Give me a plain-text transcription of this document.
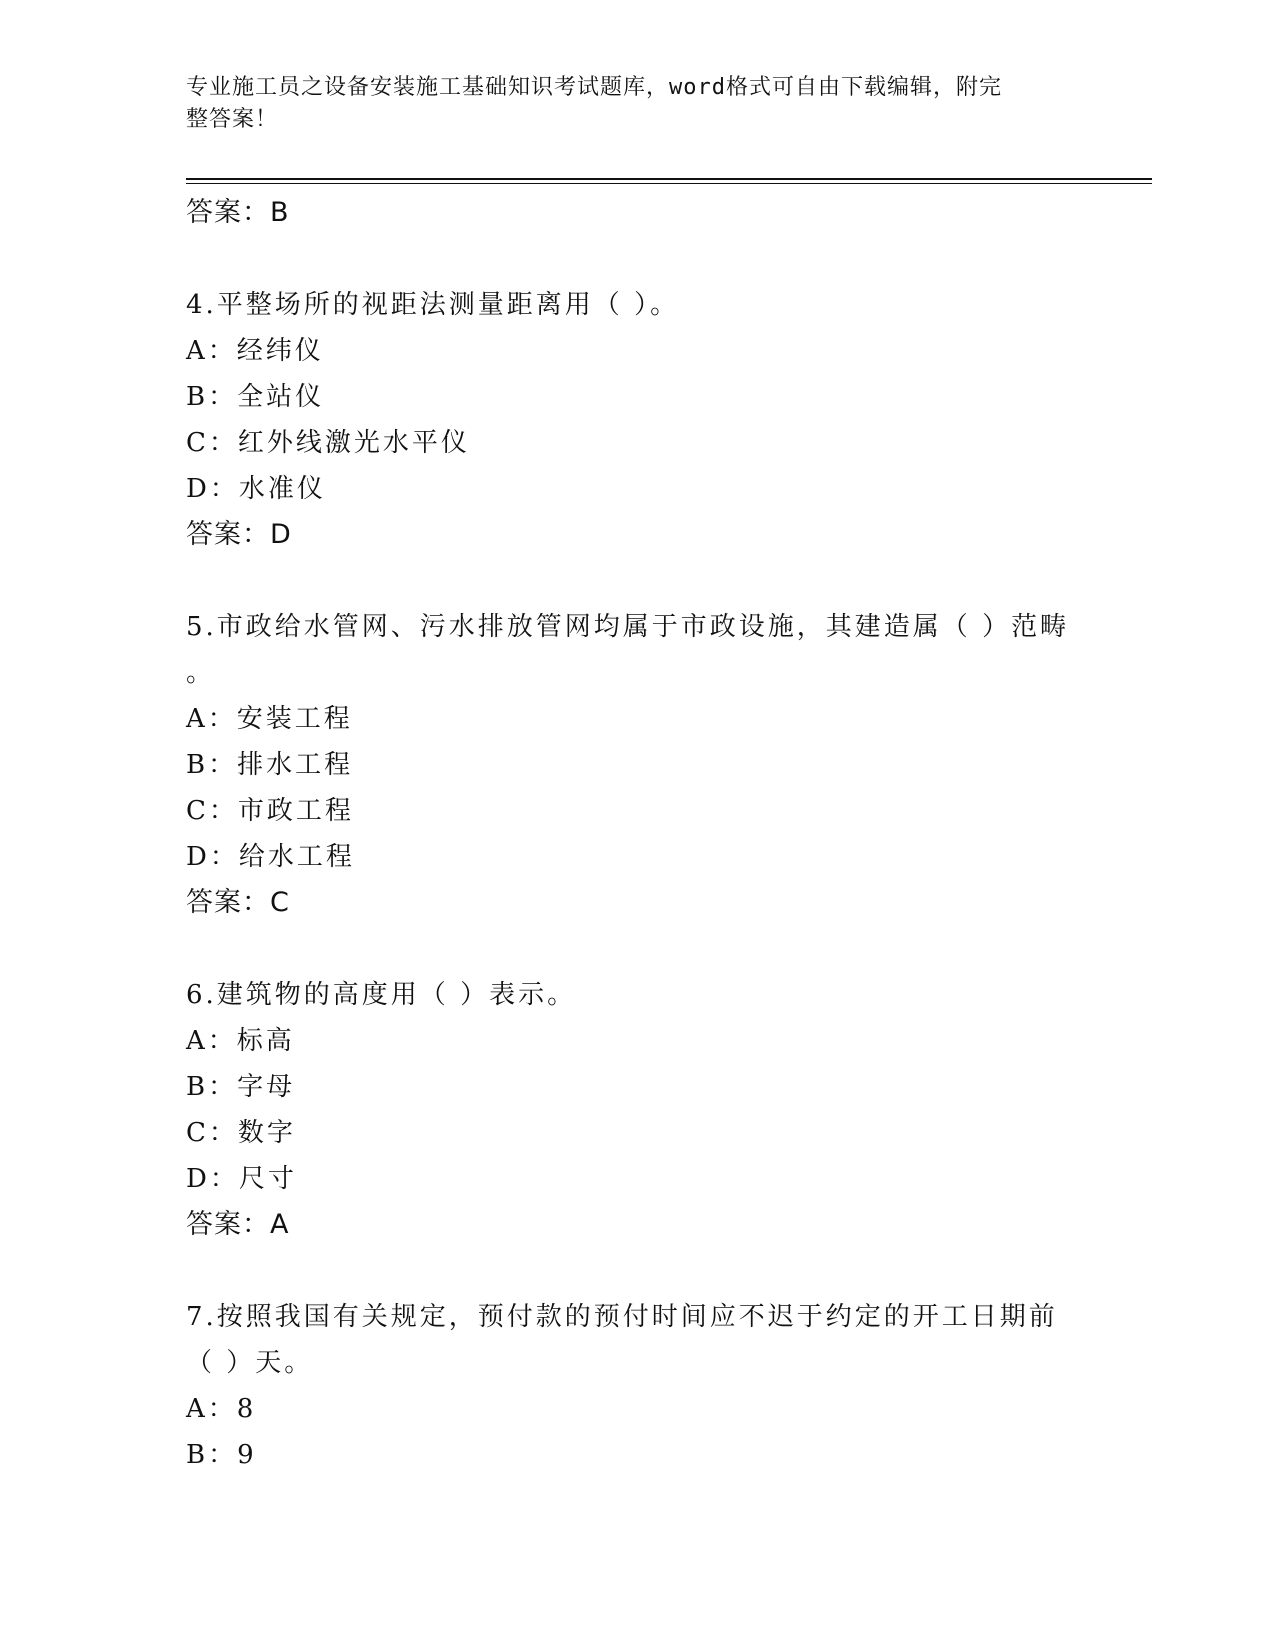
专业施工员之设备安装施工基础知识考试题库，word格式可自由下载编辑，附完
整答案！
答案：B
4.平整场所的视距法测量距离用（ ）。
A：经纬仪
B：全站仪
C：红外线激光水平仪
D：水准仪
答案：D
5.市政给水管网、污水排放管网均属于市政设施，其建造属（ ）范畴
。
A：安装工程
B：排水工程
C：市政工程
D：给水工程
答案：C
6.建筑物的高度用（ ）表示。
A：标高
B：字母
C：数字
D：尺寸
答案：A
7.按照我国有关规定，预付款的预付时间应不迟于约定的开工日期前
（ ）天。
A：8
B：9
